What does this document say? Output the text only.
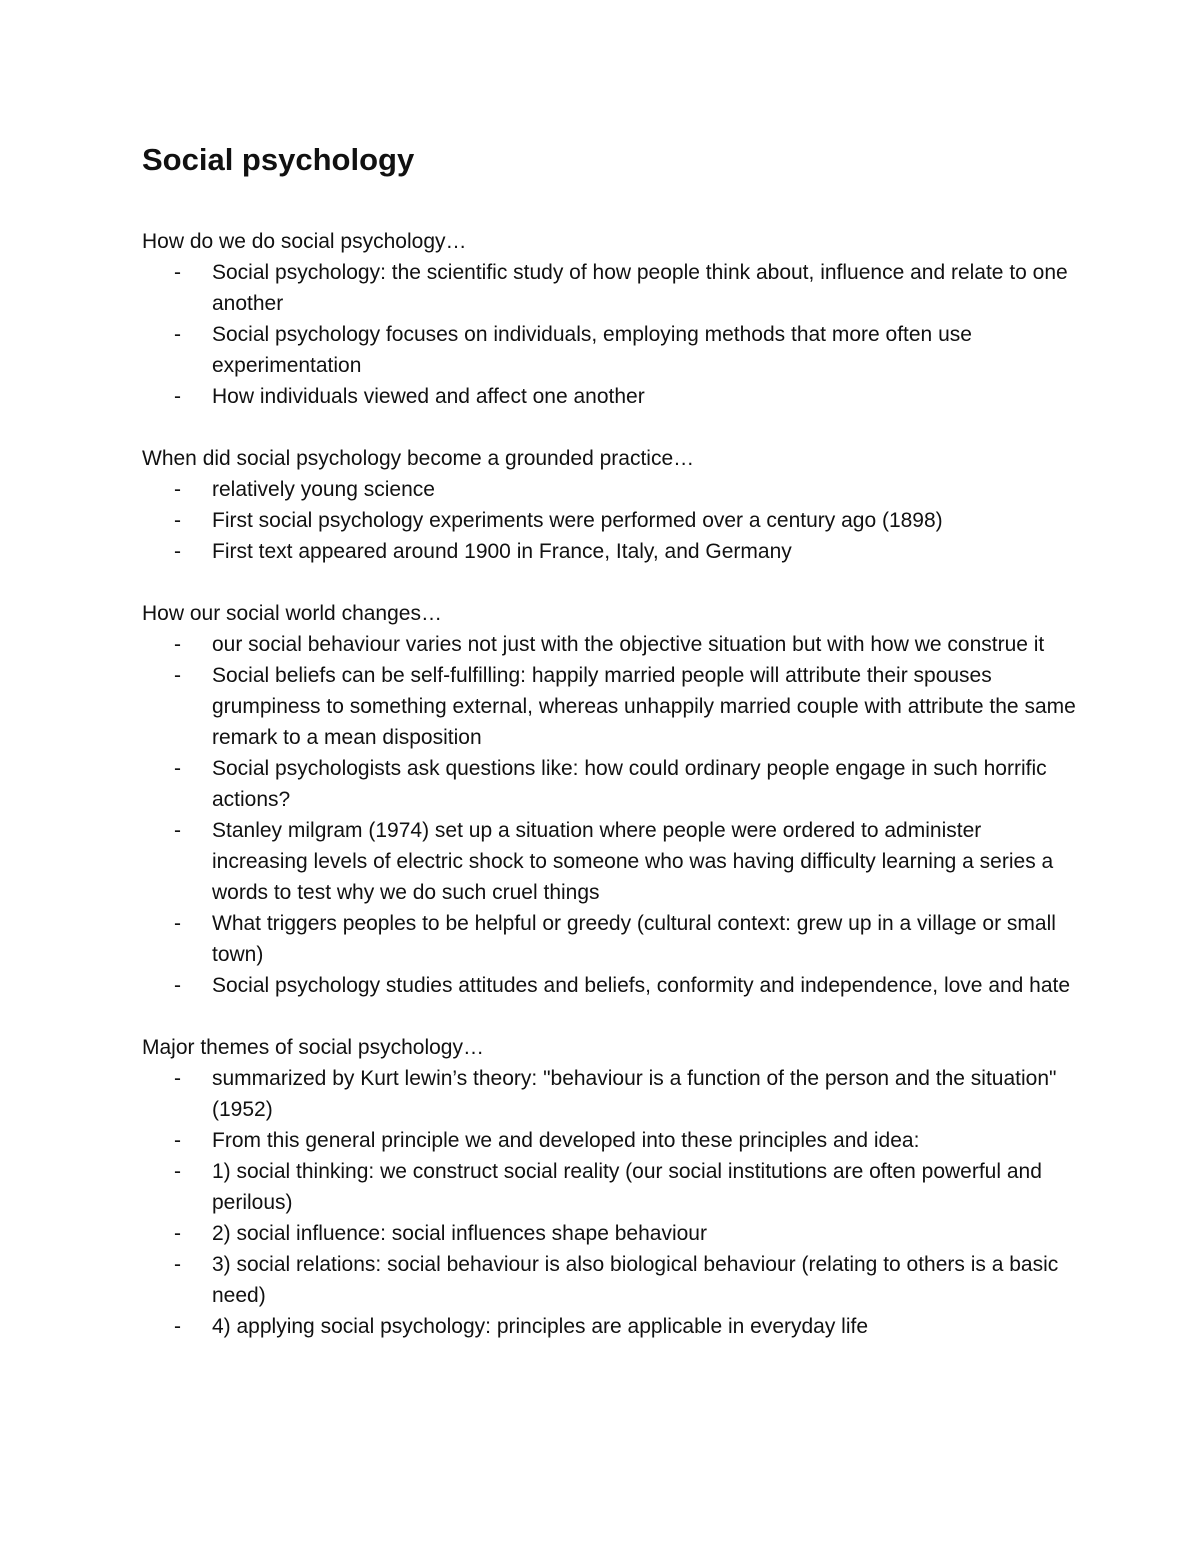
Social psychology

How do we do social psychology…

- Social psychology: the scientific study of how people think about, influence and relate to one another
- Social psychology focuses on individuals, employing methods that more often use experimentation
- How individuals viewed and affect one another

When did social psychology become a grounded practice…

- relatively young science
- First social psychology experiments were performed over a century ago (1898)
- First text appeared around 1900 in France, Italy, and Germany

How our social world changes…

- our social behaviour varies not just with the objective situation but with how we construe it
- Social beliefs can be self-fulfilling: happily married people will attribute their spouses grumpiness to something external, whereas unhappily married couple with attribute the same remark to a mean disposition
- Social psychologists ask questions like: how could ordinary people engage in such horrific actions?
- Stanley milgram (1974) set up a situation where people were ordered to administer increasing levels of electric shock to someone who was having difficulty learning a series a words to test why we do such cruel things
- What triggers peoples to be helpful or greedy (cultural context: grew up in a village or small town)
- Social psychology studies attitudes and beliefs, conformity and independence, love and hate

Major themes of social psychology…

- summarized by Kurt lewin’s theory: "behaviour is a function of the person and the situation" (1952)
- From this general principle we and developed into these principles and idea:
- 1) social thinking: we construct social reality (our social institutions are often powerful and perilous)
- 2) social influence: social influences shape behaviour
- 3) social relations: social behaviour is also biological behaviour (relating to others is a basic need)
- 4) applying social psychology: principles are applicable in everyday life
